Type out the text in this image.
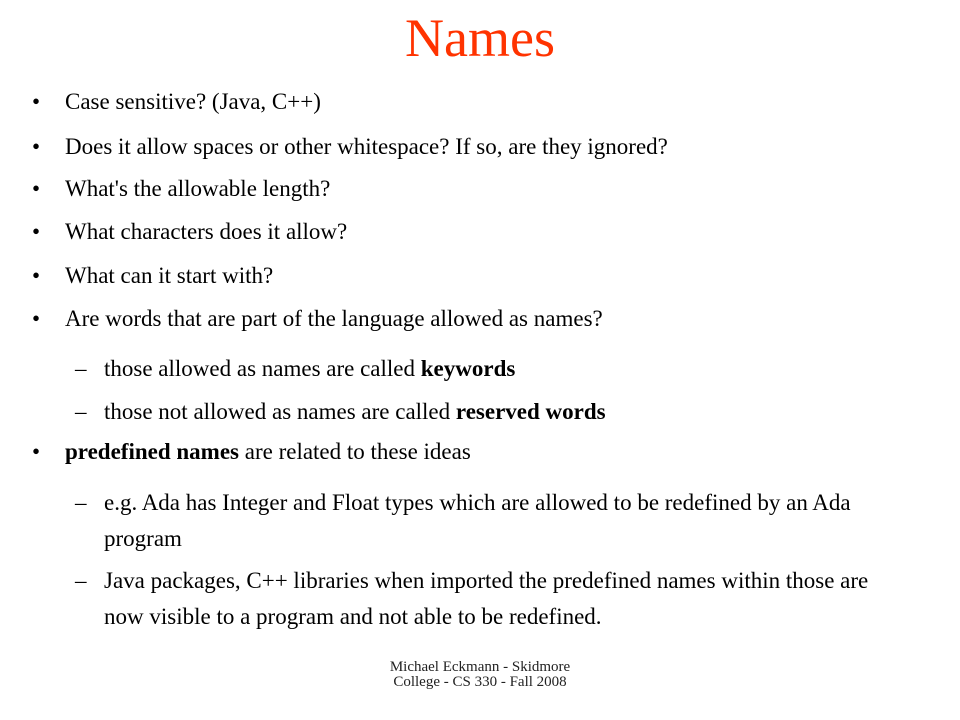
Names
• Case sensitive? (Java, C++)
• Does it allow spaces or other whitespace? If so, are they ignored?
• What's the allowable length?
• What characters does it allow?
• What can it start with?
• Are words that are part of the language allowed as names?
– those allowed as names are called keywords
– those not allowed as names are called reserved words
• predefined names are related to these ideas
– e.g. Ada has Integer and Float types which are allowed to be redefined by an Ada program
– Java packages, C++ libraries when imported the predefined names within those are now visible to a program and not able to be redefined.
Michael Eckmann - Skidmore
College - CS 330 - Fall 2008
